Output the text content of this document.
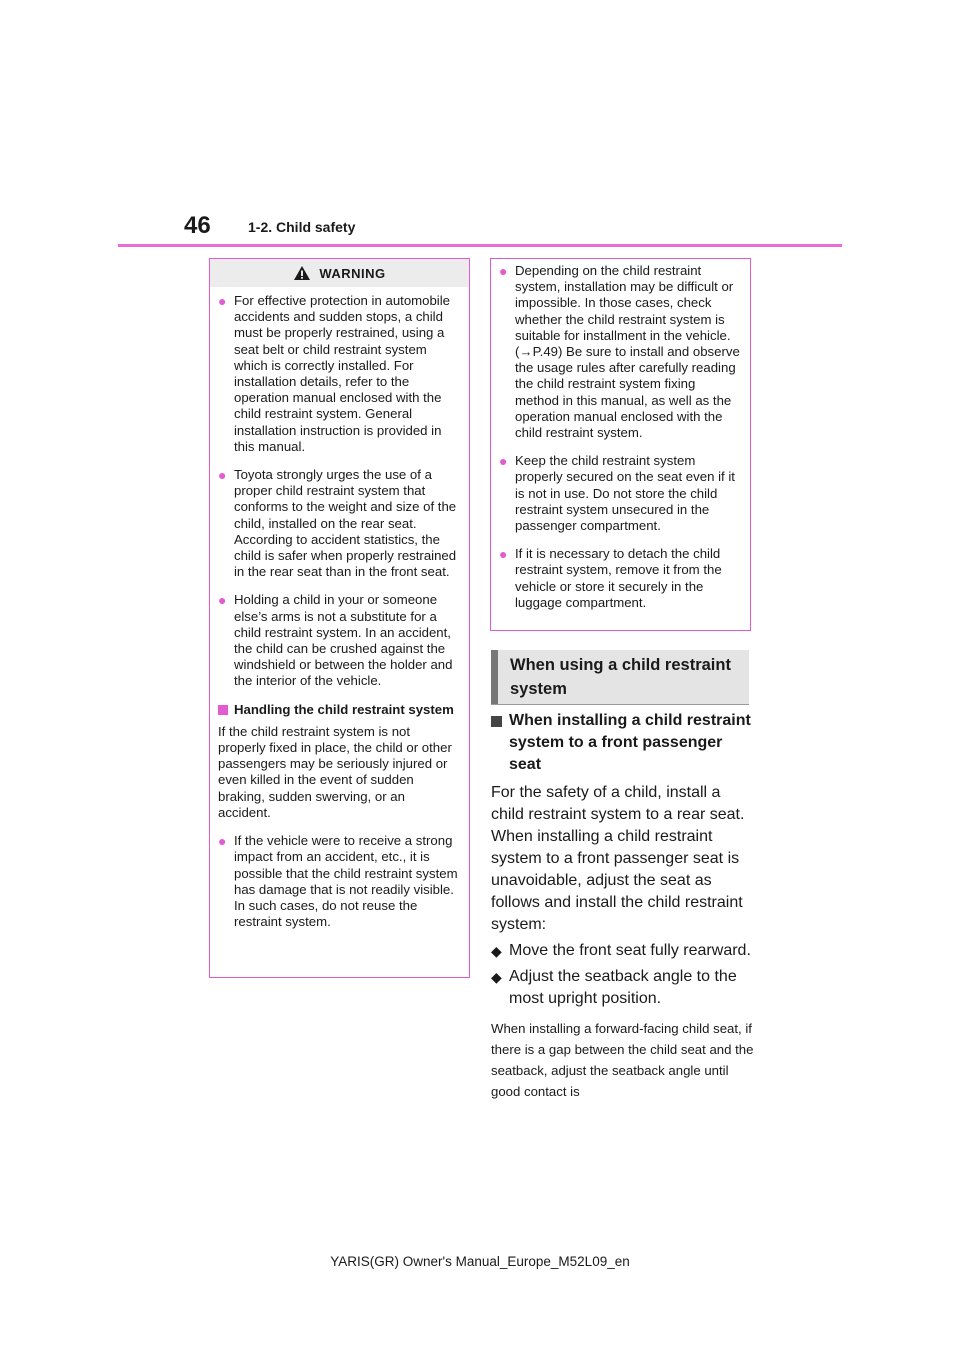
46	1-2. Child safety
WARNING
● For effective protection in automobile accidents and sudden stops, a child must be properly restrained, using a seat belt or child restraint system which is correctly installed. For installation details, refer to the operation manual enclosed with the child restraint system. General installation instruction is provided in this manual.
● Toyota strongly urges the use of a proper child restraint system that conforms to the weight and size of the child, installed on the rear seat. According to accident statistics, the child is safer when properly restrained in the rear seat than in the front seat.
● Holding a child in your or someone else’s arms is not a substitute for a child restraint system. In an accident, the child can be crushed against the windshield or between the holder and the interior of the vehicle.
Handling the child restraint system
If the child restraint system is not properly fixed in place, the child or other passengers may be seriously injured or even killed in the event of sudden braking, sudden swerving, or an accident.
● If the vehicle were to receive a strong impact from an accident, etc., it is possible that the child restraint system has damage that is not readily visible. In such cases, do not reuse the restraint system.
● Depending on the child restraint system, installation may be difficult or impossible. In those cases, check whether the child restraint system is suitable for installment in the vehicle. (→P.49) Be sure to install and observe the usage rules after carefully reading the child restraint system fixing method in this manual, as well as the operation manual enclosed with the child restraint system.
● Keep the child restraint system properly secured on the seat even if it is not in use. Do not store the child restraint system unsecured in the passenger compartment.
● If it is necessary to detach the child restraint system, remove it from the vehicle or store it securely in the luggage compartment.
When using a child restraint system
When installing a child restraint system to a front passenger seat

For the safety of a child, install a child restraint system to a rear seat. When installing a child restraint system to a front passenger seat is unavoidable, adjust the seat as follows and install the child restraint system:

◆ Move the front seat fully rearward.
◆ Adjust the seatback angle to the most upright position.
When installing a forward-facing child seat, if there is a gap between the child seat and the seatback, adjust the seatback angle until good contact is
YARIS(GR) Owner's Manual_Europe_M52L09_en
